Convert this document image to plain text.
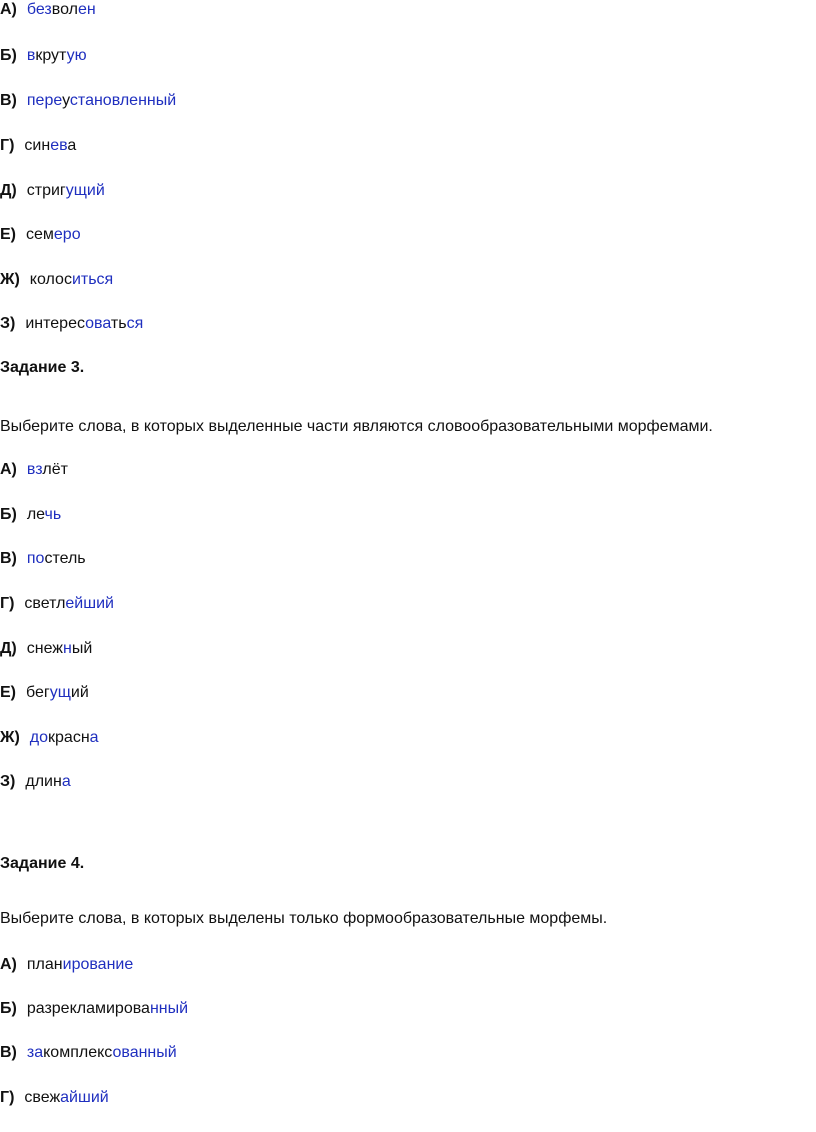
Задание 3.
Выберите слова, в которых выделенные части являются словообразовательными морфемами.
Задание 4.
Выберите слова, в которых выделены только формообразовательные морфемы.
А) безволен
Б) вкрутую
В) переустановленный
Г) синева
Д) стригущий
Е) семеро
Ж) колоситься
З) интересоваться
А) взлёт
Б) лечь
В) постель
Г) светлейший
Д) снежный
Е) бегущий
Ж) докрасна
З) длина
А) планирование
Б) разрекламированный
В) закомплексованный
Г) свежайший
